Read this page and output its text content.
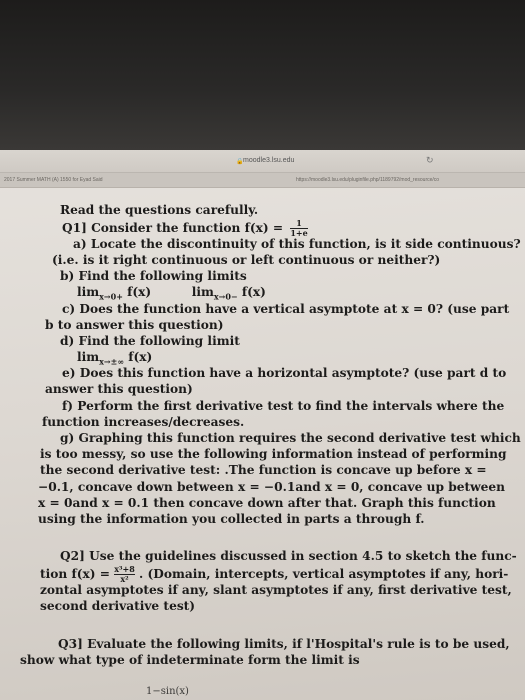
🔒 moodle3.lsu.edu	↻
2017 Summer MATH (A) 1550 for Eyad Said	https://moodle3.lsu.edu/pluginfile.php/1189792/mod_resource/co
Read the questions carefully.
Q1] Consider the function $f(x) = \frac{1}{1+e}$
a) Locate the discontinuity of this function, is it side continuous?
(i.e. is it right continuous or left continuous or neither?)
b) Find the following limits
$\lim_{x\to 0+} f(x)$	$\lim_{x\to 0-} f(x)$
c) Does the function have a vertical asymptote at x = 0? (use part
b to answer this question)
d) Find the following limit
$\lim_{x\to\pm\infty} f(x)$
e) Does this function have a horizontal asymptote? (use part d to
answer this question)
f) Perform the first derivative test to find the intervals where the
function increases/decreases.
g) Graphing this function requires the second derivative test which
is too messy, so use the following information instead of performing
the second derivative test: .The function is concave up before x =
−0.1, concave down between x = −0.1and x = 0, concave up between
x = 0and x = 0.1 then concave down after that. Graph this function
using the information you collected in parts a through f.
Q2] Use the guidelines discussed in section 4.5 to sketch the func-
tion $f(x) = \frac{\text{x³+8}}{\text{x²}}$ . (Domain, intercepts, vertical asymptotes if any, hori-
zontal asymptotes if any, slant asymptotes if any, first derivative test,
second derivative test)
Q3] Evaluate the following limits, if l'Hospital's rule is to be used,
show what type of indeterminate form the limit is
1−sin(x)
